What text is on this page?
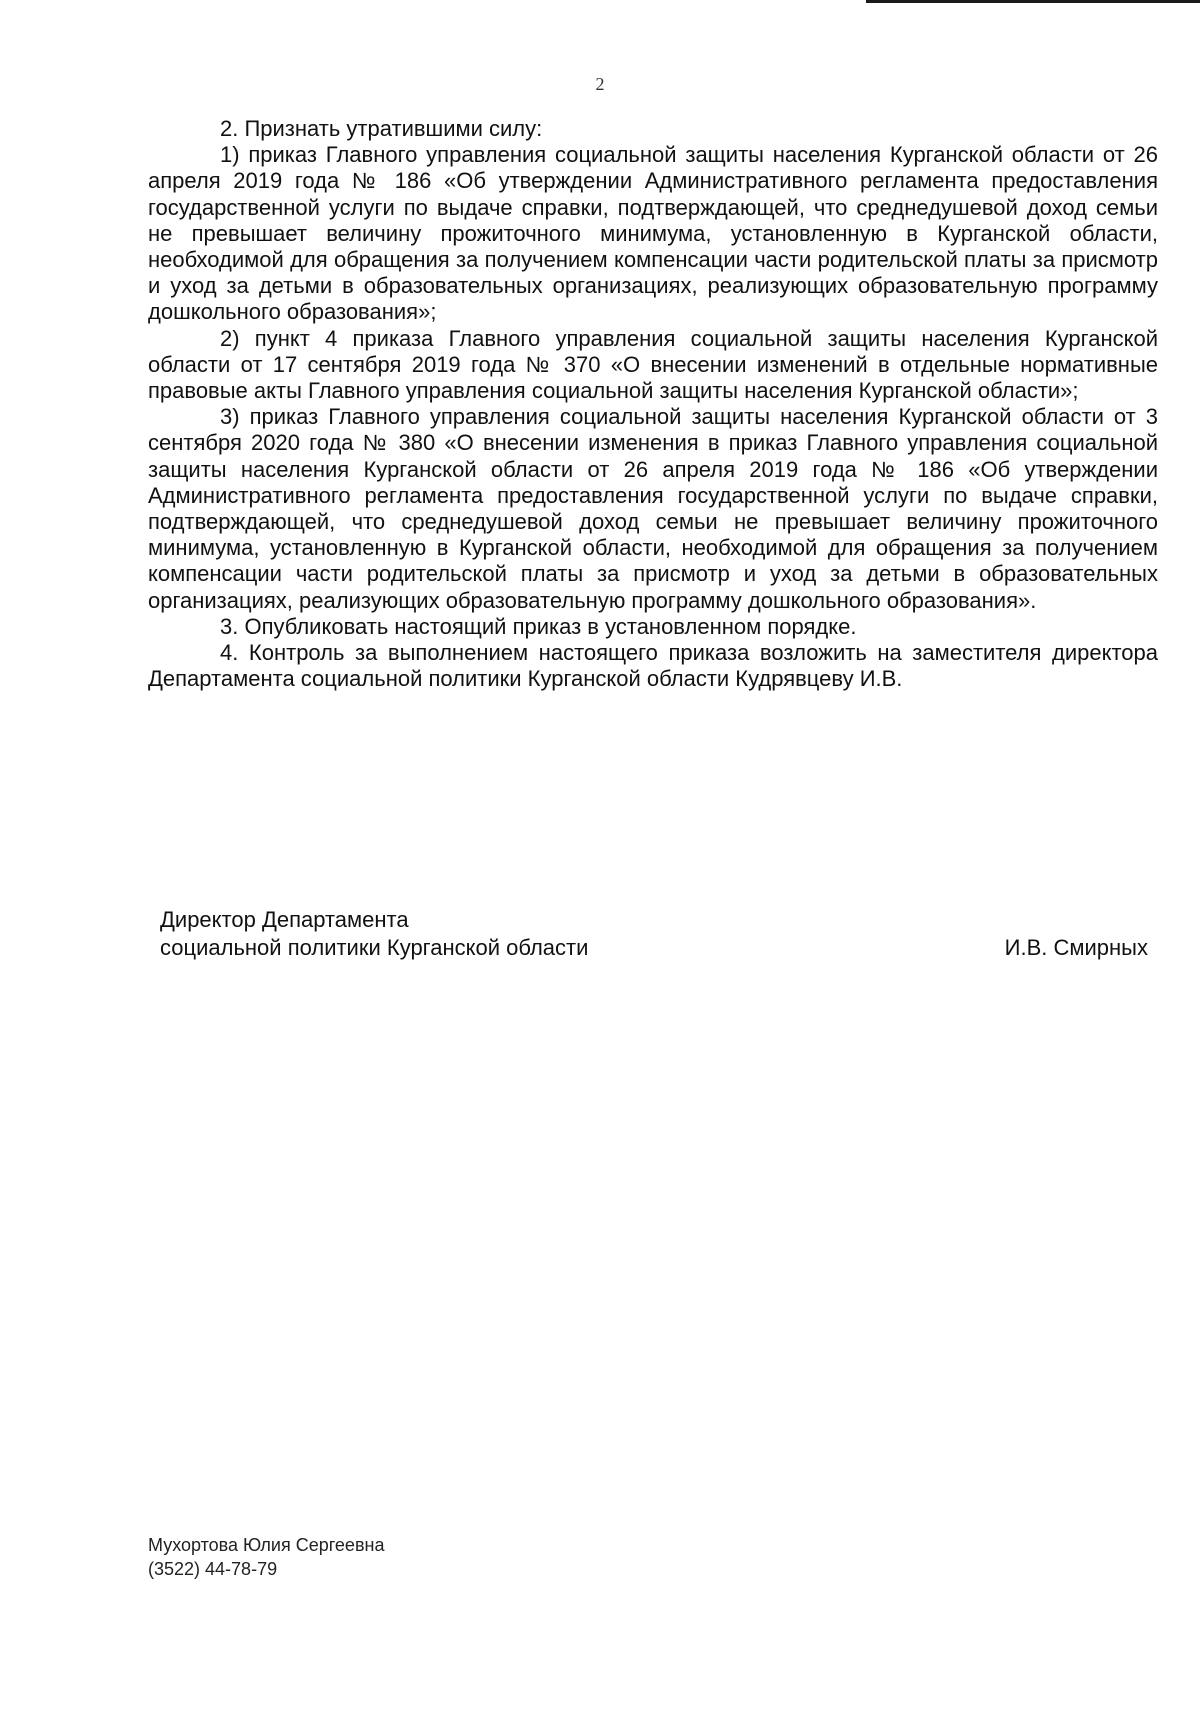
2

2. Признать утратившими силу:

1) приказ Главного управления социальной защиты населения Курганской области от 26 апреля 2019 года № 186 «Об утверждении Административного регламента предоставления государственной услуги по выдаче справки, подтверждающей, что среднедушевой доход семьи не превышает величину прожиточного минимума, установленную в Курганской области, необходимой для обращения за получением компенсации части родительской платы за присмотр и уход за детьми в образовательных организациях, реализующих образовательную программу дошкольного образования»;

2) пункт 4 приказа Главного управления социальной защиты населения Курганской области от 17 сентября 2019 года № 370 «О внесении изменений в отдельные нормативные правовые акты Главного управления социальной защиты населения Курганской области»;

3) приказ Главного управления социальной защиты населения Курганской области от 3 сентября 2020 года № 380 «О внесении изменения в приказ Главного управления социальной защиты населения Курганской области от 26 апреля 2019 года № 186 «Об утверждении Административного регламента предоставления государственной услуги по выдаче справки, подтверждающей, что среднедушевой доход семьи не превышает величину прожиточного минимума, установленную в Курганской области, необходимой для обращения за получением компенсации части родительской платы за присмотр и уход за детьми в образовательных организациях, реализующих образовательную программу дошкольного образования».

3. Опубликовать настоящий приказ в установленном порядке.

4. Контроль за выполнением настоящего приказа возложить на заместителя директора Департамента социальной политики Курганской области Кудрявцеву И.В.

Директор Департамента
социальной политики Курганской области	И.В. Смирных
Мухортова Юлия Сергеевна
(3522) 44-78-79
